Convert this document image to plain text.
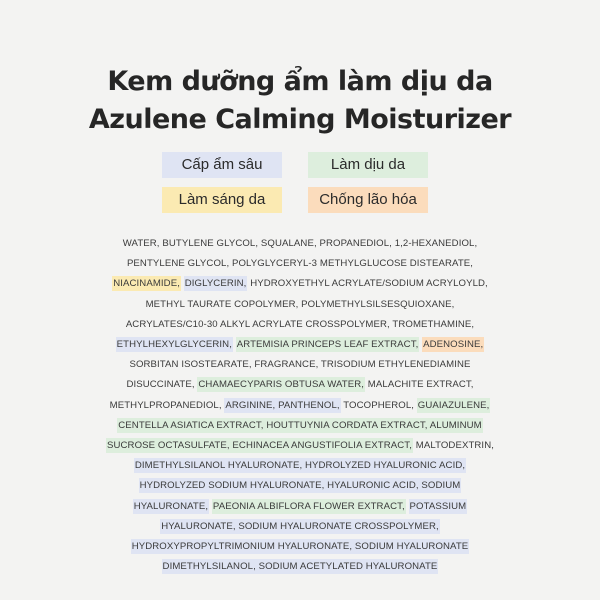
Kem dưỡng ẩm làm dịu da
Azulene Calming Moisturizer
Cấp ẩm sâu	Làm dịu da
Làm sáng da	Chống lão hóa
WATER, BUTYLENE GLYCOL, SQUALANE, PROPANEDIOL, 1,2-HEXANEDIOL,
PENTYLENE GLYCOL, POLYGLYCERYL-3 METHYLGLUCOSE DISTEARATE,
NIACINAMIDE, DIGLYCERIN, HYDROXYETHYL ACRYLATE/SODIUM ACRYLOYLD,
METHYL TAURATE COPOLYMER, POLYMETHYLSILSESQUIOXANE,
ACRYLATES/C10-30 ALKYL ACRYLATE CROSSPOLYMER, TROMETHAMINE,
ETHYLHEXYLGLYCERIN, ARTEMISIA PRINCEPS LEAF EXTRACT, ADENOSINE,
SORBITAN ISOSTEARATE, FRAGRANCE, TRISODIUM ETHYLENEDIAMINE
DISUCCINATE, CHAMAECYPARIS OBTUSA WATER, MALACHITE EXTRACT,
METHYLPROPANEDIOL, ARGININE, PANTHENOL, TOCOPHEROL, GUAIAZULENE,
CENTELLA ASIATICA EXTRACT, HOUTTUYNIA CORDATA EXTRACT, ALUMINUM
SUCROSE OCTASULFATE, ECHINACEA ANGUSTIFOLIA EXTRACT, MALTODEXTRIN,
DIMETHYLSILANOL HYALURONATE, HYDROLYZED HYALURONIC ACID,
HYDROLYZED SODIUM HYALURONATE, HYALURONIC ACID, SODIUM
HYALURONATE, PAEONIA ALBIFLORA FLOWER EXTRACT, POTASSIUM
HYALURONATE, SODIUM HYALURONATE CROSSPOLYMER,
HYDROXYPROPYLTRIMONIUM HYALURONATE, SODIUM HYALURONATE
DIMETHYLSILANOL, SODIUM ACETYLATED HYALURONATE
